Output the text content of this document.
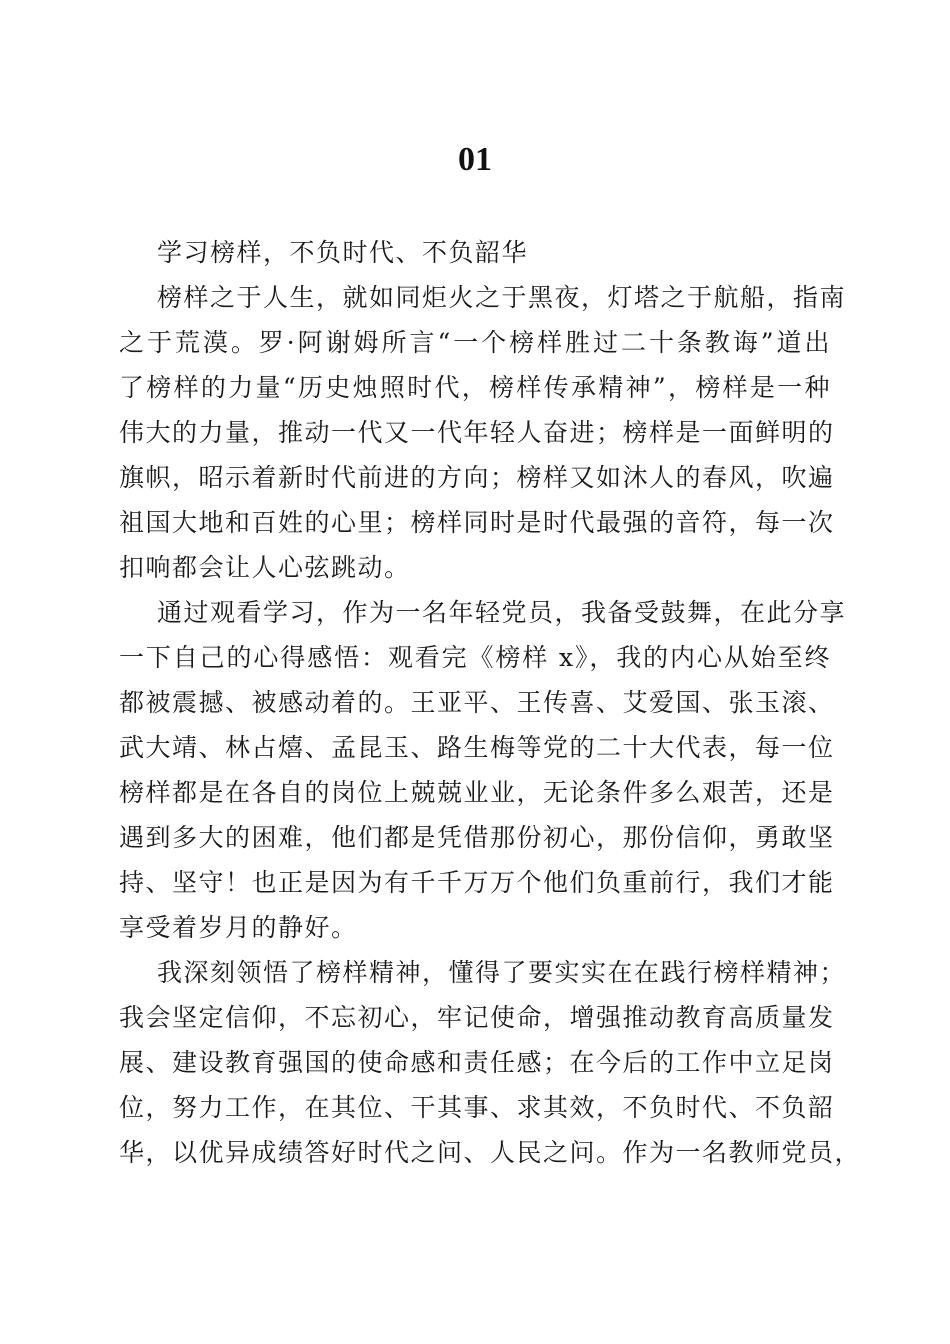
01
学习榜样，不负时代、不负韶华
榜样之于人生，就如同炬火之于黑夜，灯塔之于航船，指南
之于荒漠。罗·阿谢姆所言“一个榜样胜过二十条教诲”道出
了榜样的力量“历史烛照时代，榜样传承精神”，榜样是一种
伟大的力量，推动一代又一代年轻人奋进；榜样是一面鲜明的
旗帜，昭示着新时代前进的方向；榜样又如沐人的春风，吹遍
祖国大地和百姓的心里；榜样同时是时代最强的音符，每一次
扣响都会让人心弦跳动。
通过观看学习，作为一名年轻党员，我备受鼓舞，在此分享
一下自己的心得感悟：观看完《榜样 x》，我的内心从始至终
都被震撼、被感动着的。王亚平、王传喜、艾爱国、张玉滚、
武大靖、林占熺、孟昆玉、路生梅等党的二十大代表，每一位
榜样都是在各自的岗位上兢兢业业，无论条件多么艰苦，还是
遇到多大的困难，他们都是凭借那份初心，那份信仰，勇敢坚
持、坚守！也正是因为有千千万万个他们负重前行，我们才能
享受着岁月的静好。
我深刻领悟了榜样精神，懂得了要实实在在践行榜样精神；
我会坚定信仰，不忘初心，牢记使命，增强推动教育高质量发
展、建设教育强国的使命感和责任感；在今后的工作中立足岗
位，努力工作，在其位、干其事、求其效，不负时代、不负韶
华，以优异成绩答好时代之问、人民之问。作为一名教师党员，
